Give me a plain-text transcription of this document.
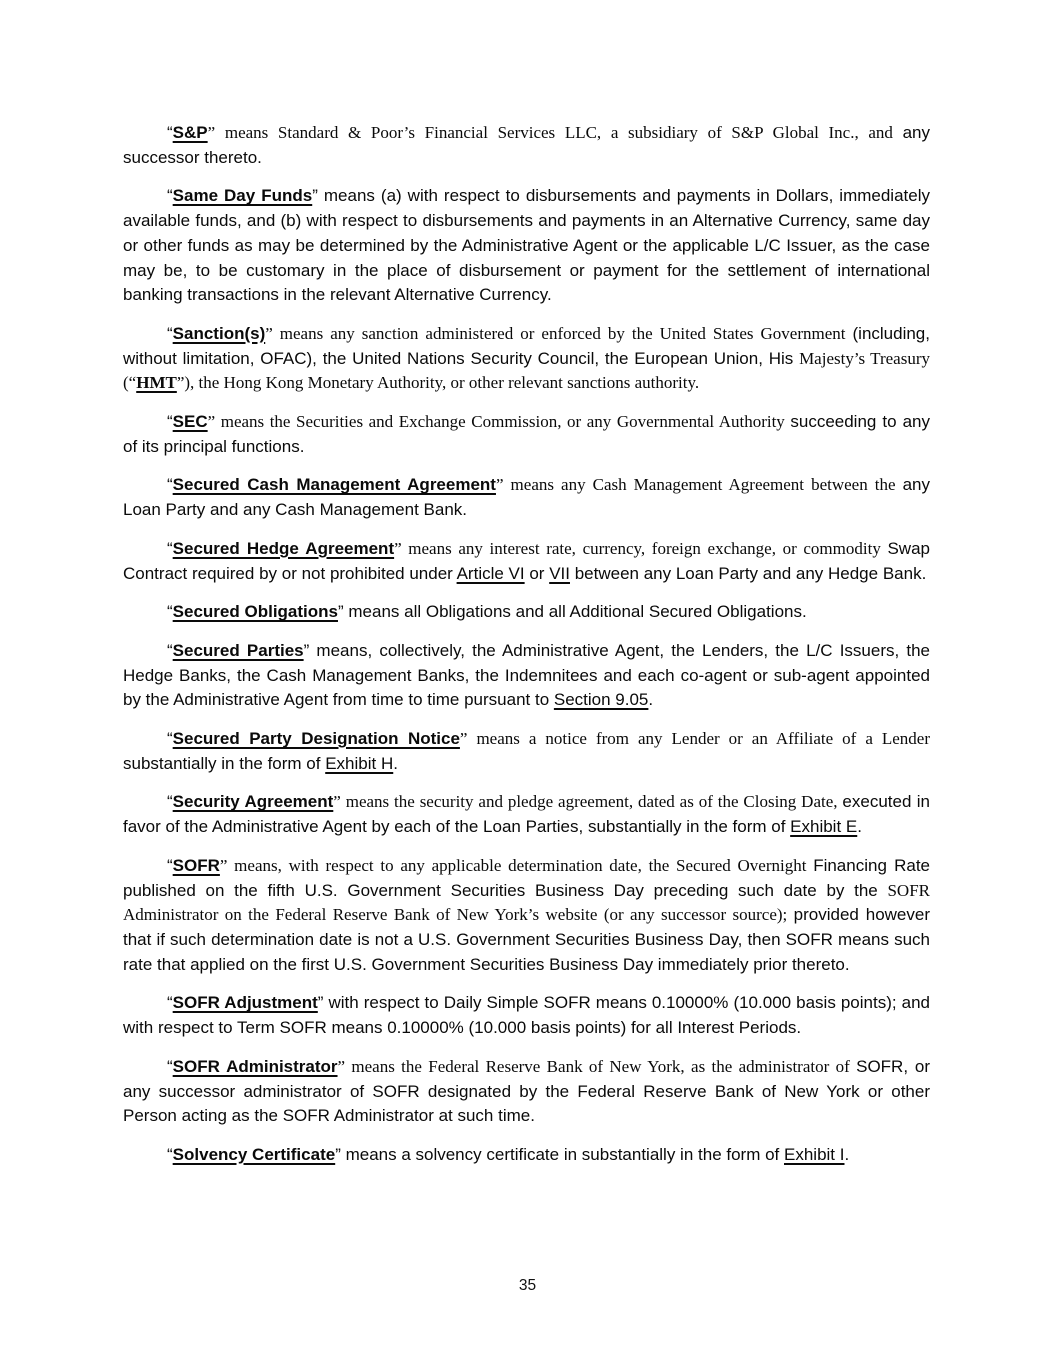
“S&P” means Standard & Poor’s Financial Services LLC, a subsidiary of S&P Global Inc., and any successor thereto.

“Same Day Funds” means (a) with respect to disbursements and payments in Dollars, immediately available funds, and (b) with respect to disbursements and payments in an Alternative Currency, same day or other funds as may be determined by the Administrative Agent or the applicable L/C Issuer, as the case may be, to be customary in the place of disbursement or payment for the settlement of international banking transactions in the relevant Alternative Currency.

“Sanction(s)” means any sanction administered or enforced by the United States Government (including, without limitation, OFAC), the United Nations Security Council, the European Union, His Majesty’s Treasury (“HMT”), the Hong Kong Monetary Authority, or other relevant sanctions authority.

“SEC” means the Securities and Exchange Commission, or any Governmental Authority succeeding to any of its principal functions.

“Secured Cash Management Agreement” means any Cash Management Agreement between the any Loan Party and any Cash Management Bank.

“Secured Hedge Agreement” means any interest rate, currency, foreign exchange, or commodity Swap Contract required by or not prohibited under Article VI or VII between any Loan Party and any Hedge Bank.

“Secured Obligations” means all Obligations and all Additional Secured Obligations.

“Secured Parties” means, collectively, the Administrative Agent, the Lenders, the L/C Issuers, the Hedge Banks, the Cash Management Banks, the Indemnitees and each co-agent or sub-agent appointed by the Administrative Agent from time to time pursuant to Section 9.05.

“Secured Party Designation Notice” means a notice from any Lender or an Affiliate of a Lender substantially in the form of Exhibit H.

“Security Agreement” means the security and pledge agreement, dated as of the Closing Date, executed in favor of the Administrative Agent by each of the Loan Parties, substantially in the form of Exhibit E.

“SOFR” means, with respect to any applicable determination date, the Secured Overnight Financing Rate published on the fifth U.S. Government Securities Business Day preceding such date by the SOFR Administrator on the Federal Reserve Bank of New York’s website (or any successor source); provided however that if such determination date is not a U.S. Government Securities Business Day, then SOFR means such rate that applied on the first U.S. Government Securities Business Day immediately prior thereto.

“SOFR Adjustment” with respect to Daily Simple SOFR means 0.10000% (10.000 basis points); and with respect to Term SOFR means 0.10000% (10.000 basis points) for all Interest Periods.

“SOFR Administrator” means the Federal Reserve Bank of New York, as the administrator of SOFR, or any successor administrator of SOFR designated by the Federal Reserve Bank of New York or other Person acting as the SOFR Administrator at such time.

“Solvency Certificate” means a solvency certificate in substantially in the form of Exhibit I.

35
